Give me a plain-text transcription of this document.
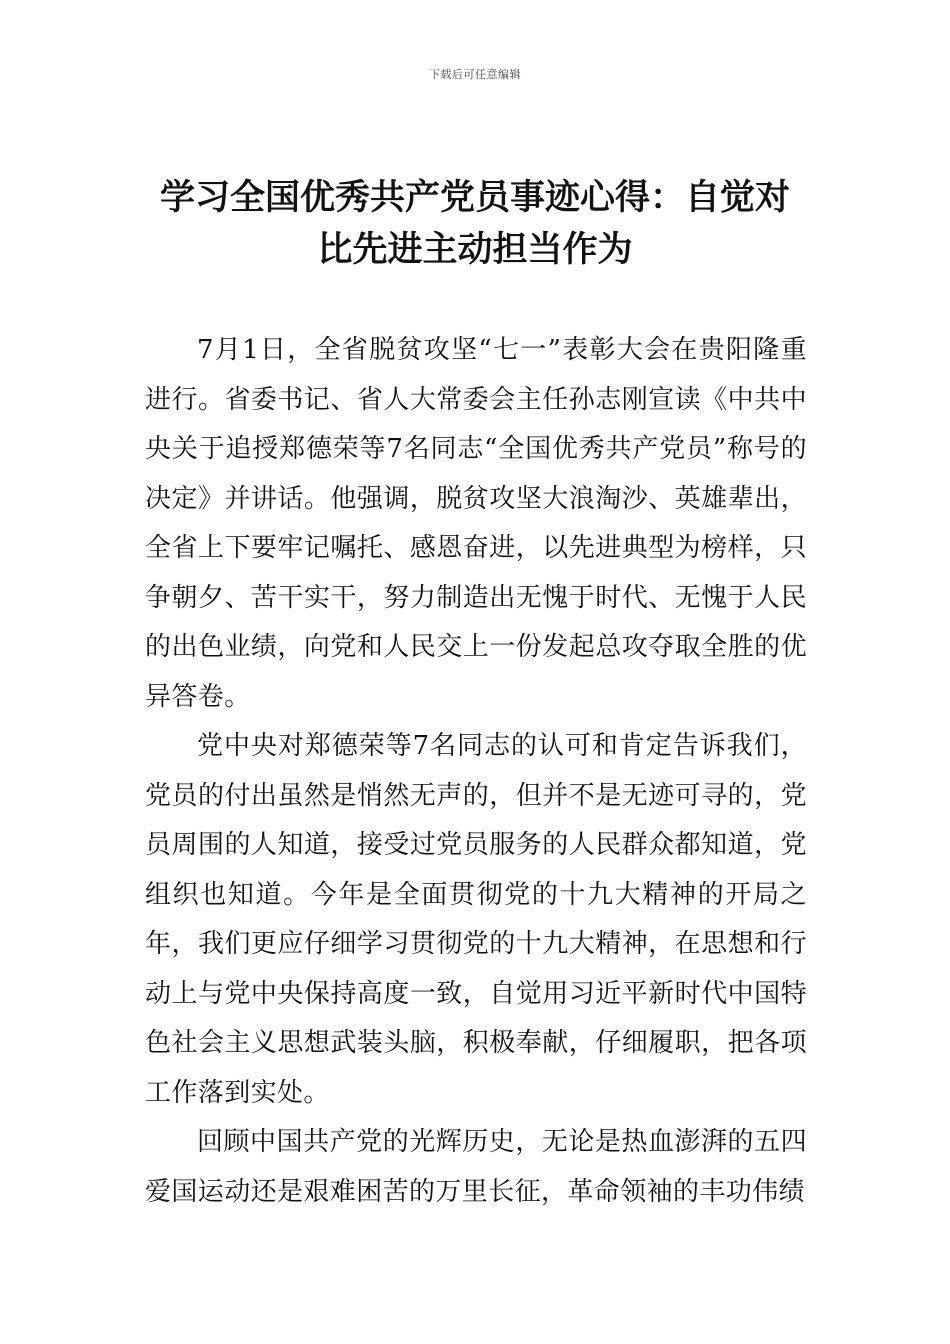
下载后可任意编辑
学习全国优秀共产党员事迹心得：自觉对比先进主动担当作为

7月1日，全省脱贫攻坚“七一”表彰大会在贵阳隆重进行。省委书记、省人大常委会主任孙志刚宣读《中共中央关于追授郑德荣等7名同志“全国优秀共产党员”称号的决定》并讲话。他强调，脱贫攻坚大浪淘沙、英雄辈出，全省上下要牢记嘱托、感恩奋进，以先进典型为榜样，只争朝夕、苦干实干，努力制造出无愧于时代、无愧于人民的出色业绩，向党和人民交上一份发起总攻夺取全胜的优异答卷。

党中央对郑德荣等7名同志的认可和肯定告诉我们，党员的付出虽然是悄然无声的，但并不是无迹可寻的，党员周围的人知道，接受过党员服务的人民群众都知道，党组织也知道。今年是全面贯彻党的十九大精神的开局之年，我们更应仔细学习贯彻党的十九大精神，在思想和行动上与党中央保持高度一致，自觉用习近平新时代中国特色社会主义思想武装头脑，积极奉献，仔细履职，把各项工作落到实处。

回顾中国共产党的光辉历史，无论是热血澎湃的五四爱国运动还是艰难困苦的万里长征，革命领袖的丰功伟绩
